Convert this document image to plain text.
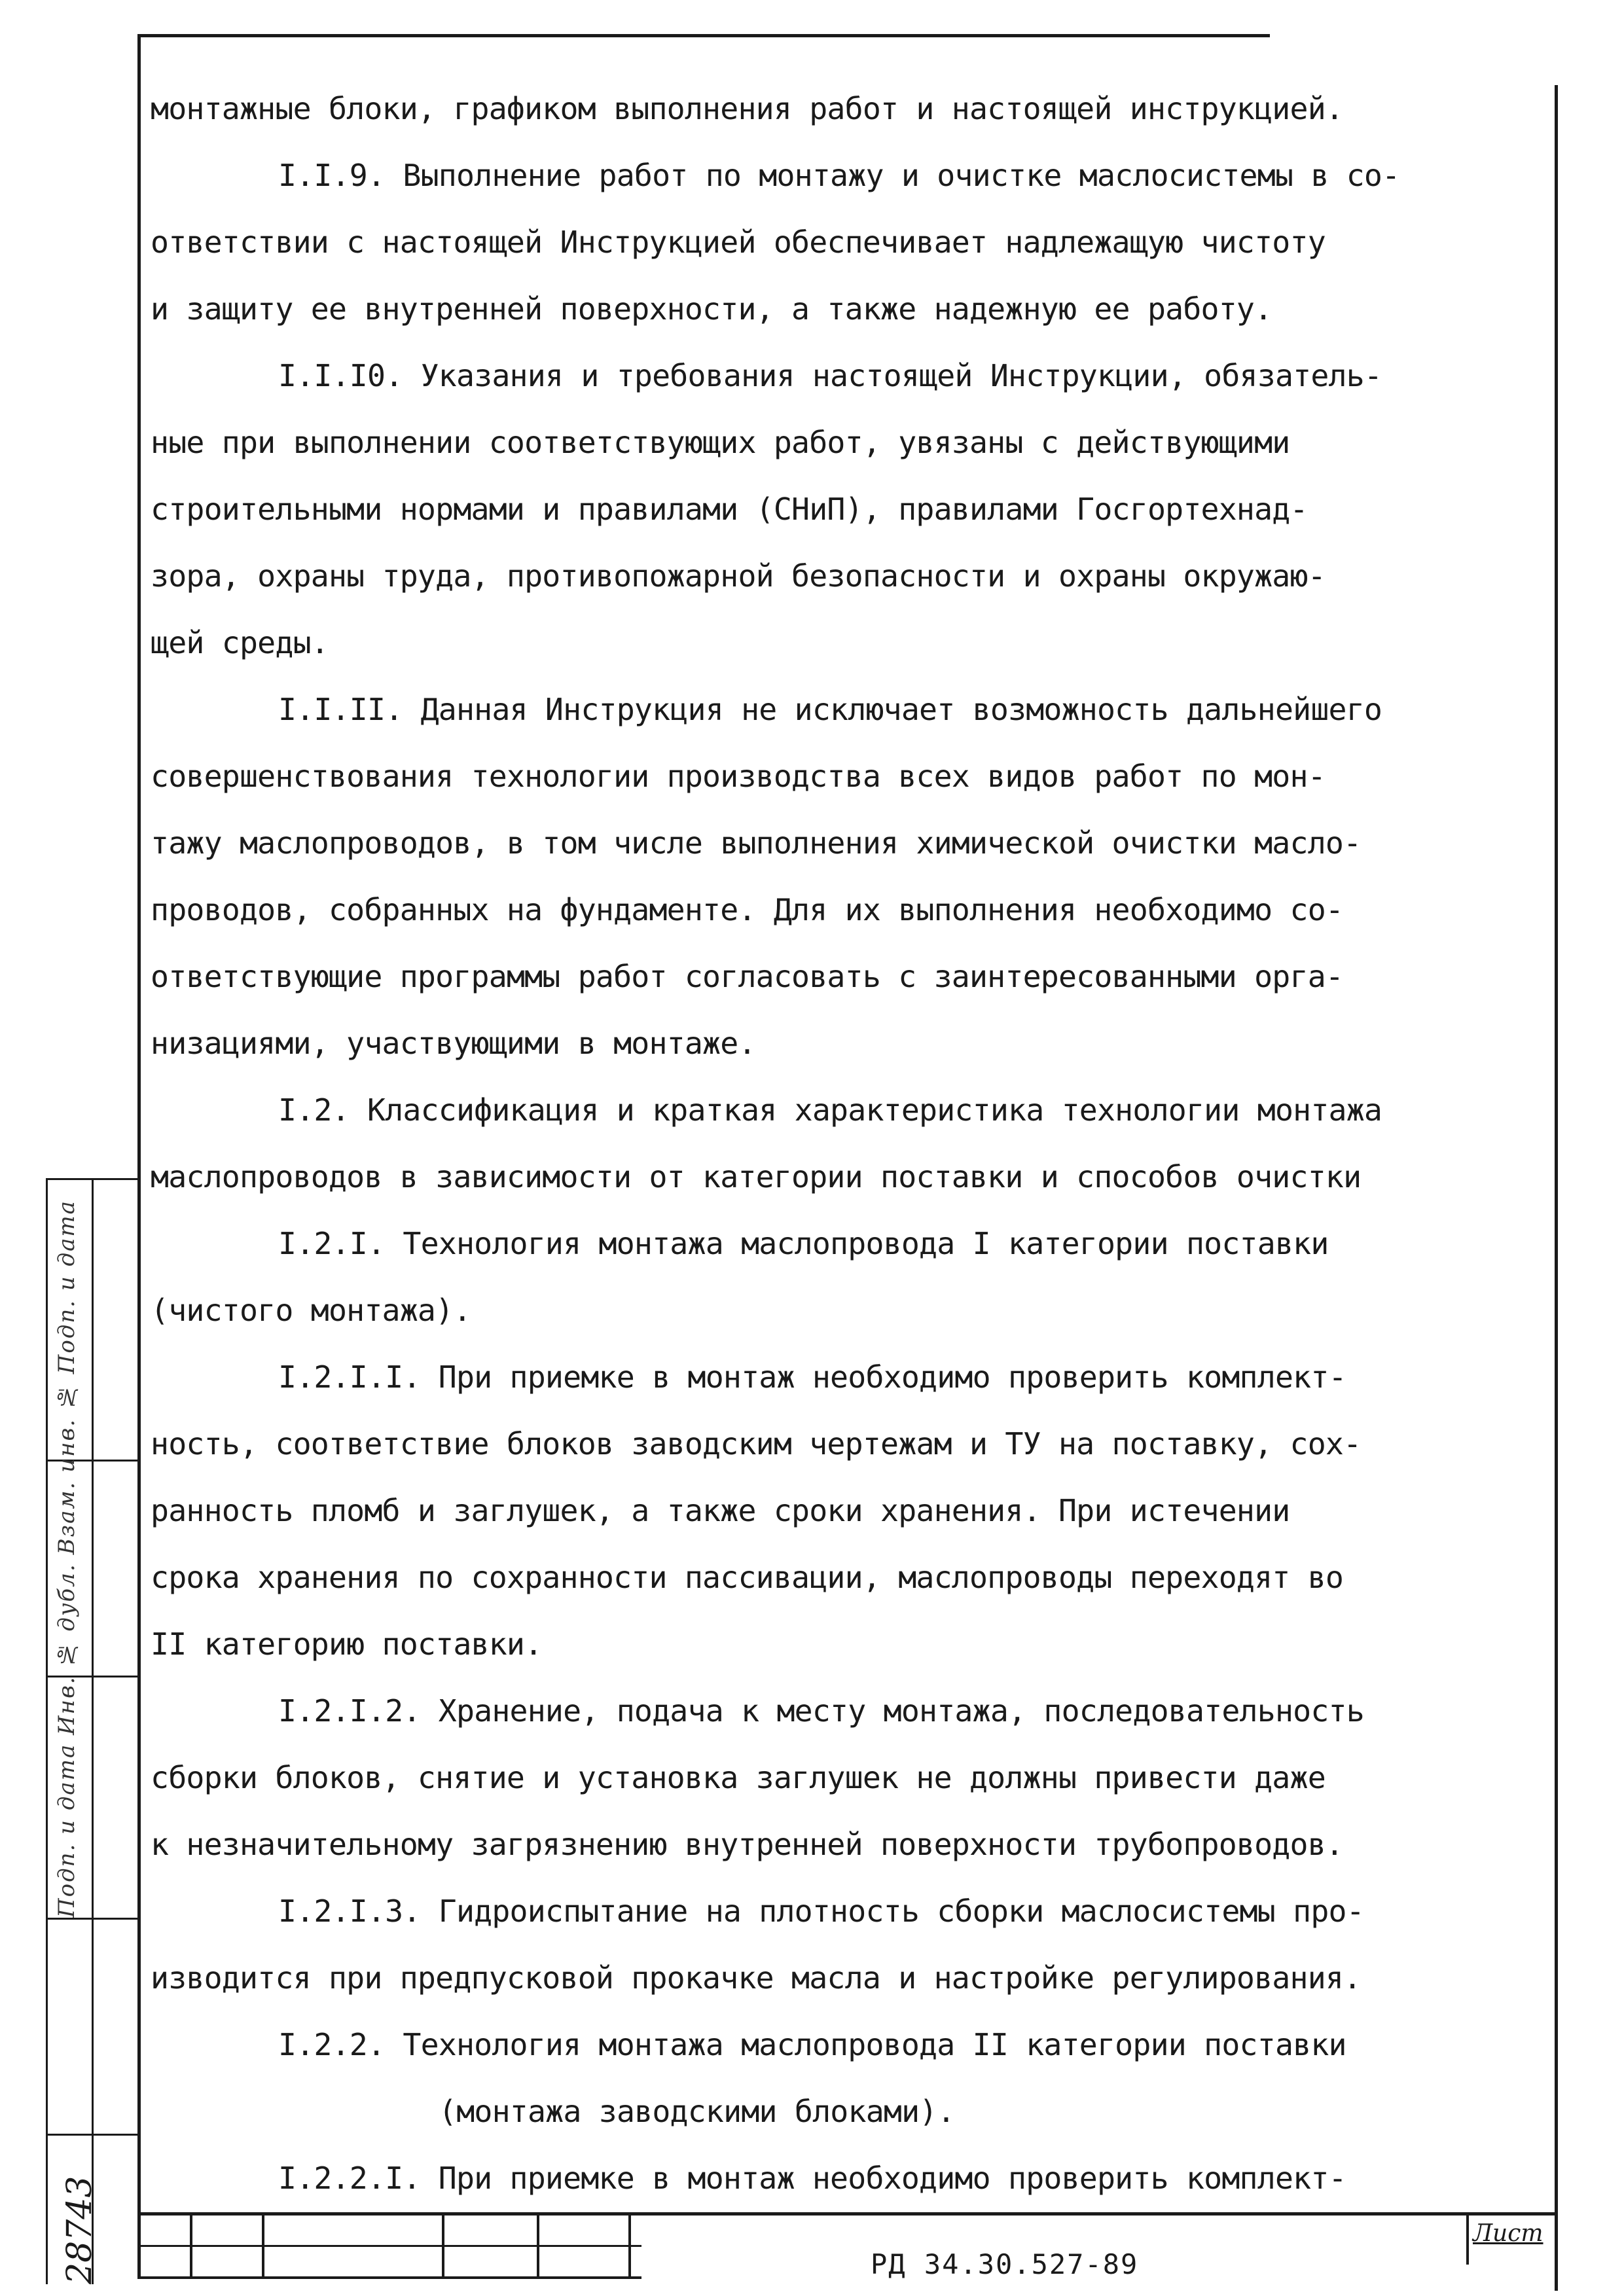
Подп. и дата Инв. № дубл. Взам. инв. № Подп. и дата
28743
монтажные блоки, графиком выполнения работ и настоящей инструкцией.
I.I.9. Выполнение работ по монтажу и очистке маслосистемы в со-
ответствии с настоящей Инструкцией обеспечивает надлежащую чистоту
и защиту ее внутренней поверхности, а также надежную ее работу.
I.I.I0. Указания и требования настоящей Инструкции, обязатель-
ные при выполнении соответствующих работ, увязаны с действующими
строительными нормами и правилами (СНиП), правилами Госгортехнад-
зора, охраны труда, противопожарной безопасности и охраны окружаю-
щей среды.
I.I.II. Данная Инструкция не исключает возможность дальнейшего
совершенствования технологии производства всех видов работ по мон-
тажу маслопроводов, в том числе выполнения химической очистки масло-
проводов, собранных на фундаменте. Для их выполнения необходимо со-
ответствующие программы работ согласовать с заинтересованными орга-
низациями, участвующими в монтаже.
I.2. Классификация и краткая характеристика технологии монтажа
маслопроводов в зависимости от категории поставки и способов очистки
I.2.I. Технология монтажа маслопровода I категории поставки
(чистого монтажа).
I.2.I.I. При приемке в монтаж необходимо проверить комплект-
ность, соответствие блоков заводским чертежам и ТУ на поставку, сох-
ранность пломб и заглушек, а также сроки хранения. При истечении
срока хранения по сохранности пассивации, маслопроводы переходят во
II категорию поставки.
I.2.I.2. Хранение, подача к месту монтажа, последовательность
сборки блоков, снятие и установка заглушек не должны привести даже
к незначительному загрязнению внутренней поверхности трубопроводов.
I.2.I.3. Гидроиспытание на плотность сборки маслосистемы про-
изводится при предпусковой прокачке масла и настройке регулирования.
I.2.2. Технология монтажа маслопровода II категории поставки
(монтажа заводскими блоками).
I.2.2.I. При приемке в монтаж необходимо проверить комплект-
Лист
РД 34.30.527-89
